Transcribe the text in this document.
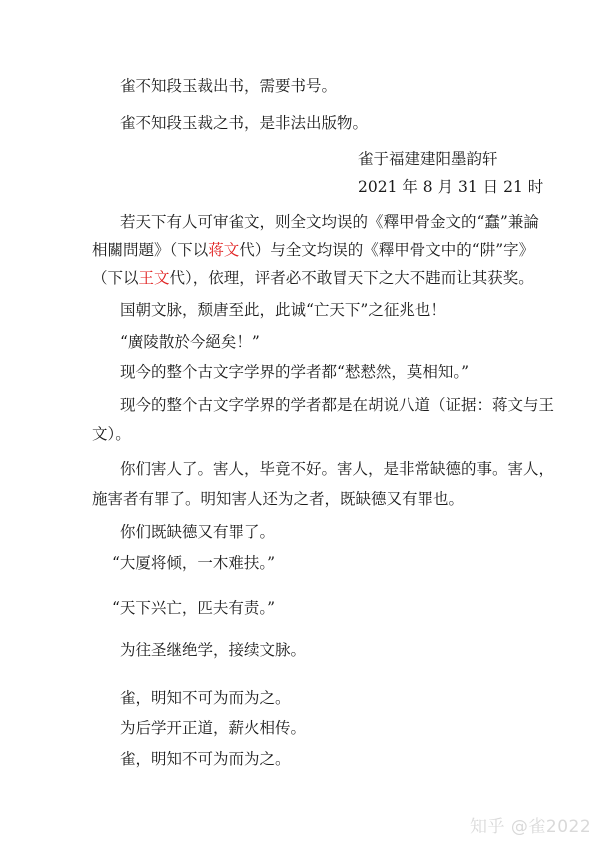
雀不知段玉裁出书，需要书号。
雀不知段玉裁之书，是非法出版物。
雀于福建建阳墨韵轩
2021 年 8 月 31 日 21 时
若天下有人可审雀文，则全文均误的《釋甲骨金文的“蠢”兼論
相關問題》（下以蒋文代）与全文均误的《釋甲骨文中的“阱”字》
（下以王文代），依理，评者必不敢冒天下之大不韪而让其获奖。
国朝文脉，颓唐至此，此诚“亡天下”之征兆也！
“廣陵散於今絕矣！”
现今的整个古文字学界的学者都“慭慭然，莫相知。”
现今的整个古文字学界的学者都是在胡说八道（证据：蒋文与王
文）。
你们害人了。害人，毕竟不好。害人，是非常缺德的事。害人，
施害者有罪了。明知害人还为之者，既缺德又有罪也。
你们既缺德又有罪了。
“大厦将倾，一木难扶。”
“天下兴亡，匹夫有责。”
为往圣继绝学，接续文脉。
雀，明知不可为而为之。
为后学开正道，薪火相传。
雀，明知不可为而为之。
知乎 @雀2022
